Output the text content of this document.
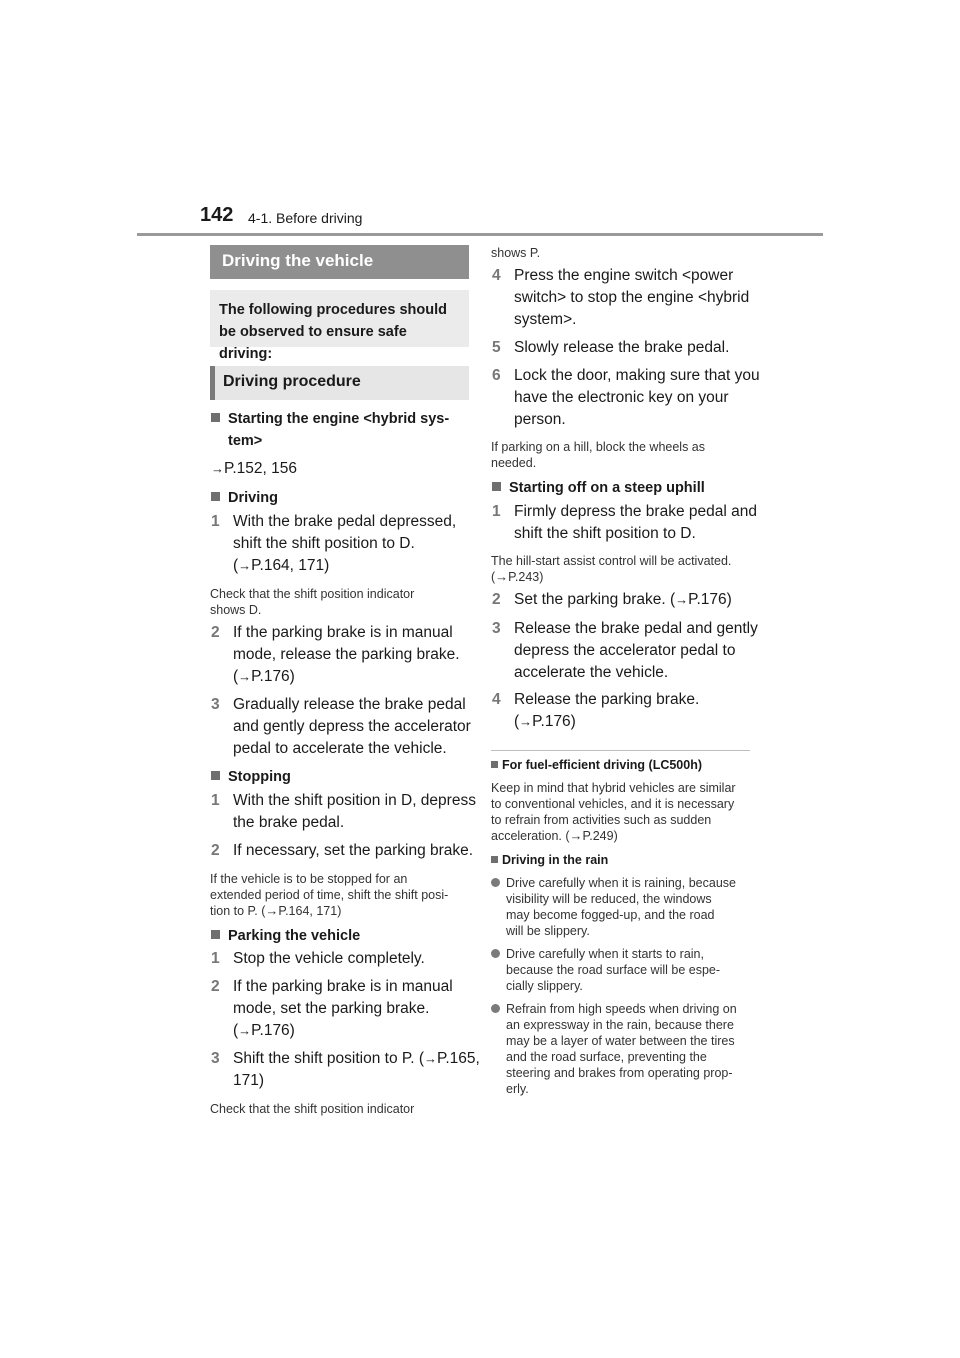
142 4-1. Before driving
Driving the vehicle
The following procedures should be observed to ensure safe driving:
Driving procedure
Starting the engine <hybrid sys-
tem>
→P.152, 156
Driving
1 With the brake pedal depressed,
shift the shift position to D.
(→P.164, 171)
Check that the shift position indicator
shows D.
2 If the parking brake is in manual
mode, release the parking brake.
(→P.176)
3 Gradually release the brake pedal
and gently depress the accelerator
pedal to accelerate the vehicle.
Stopping
1 With the shift position in D, depress
the brake pedal.
2 If necessary, set the parking brake.
If the vehicle is to be stopped for an
extended period of time, shift the shift posi-
tion to P. (→P.164, 171)
Parking the vehicle
1 Stop the vehicle completely.
2 If the parking brake is in manual
mode, set the parking brake.
(→P.176)
3 Shift the shift position to P. (→P.165,
171)
Check that the shift position indicator
shows P.
4 Press the engine switch <power
switch> to stop the engine <hybrid
system>.
5 Slowly release the brake pedal.
6 Lock the door, making sure that you
have the electronic key on your
person.
If parking on a hill, block the wheels as
needed.
Starting off on a steep uphill
1 Firmly depress the brake pedal and
shift the shift position to D.
The hill-start assist control will be activated.
(→P.243)
2 Set the parking brake. (→P.176)
3 Release the brake pedal and gently
depress the accelerator pedal to
accelerate the vehicle.
4 Release the parking brake.
(→P.176)
For fuel-efficient driving (LC500h)
Keep in mind that hybrid vehicles are similar
to conventional vehicles, and it is necessary
to refrain from activities such as sudden
acceleration. (→P.249)
Driving in the rain
Drive carefully when it is raining, because
visibility will be reduced, the windows
may become fogged-up, and the road
will be slippery.
Drive carefully when it starts to rain,
because the road surface will be espe-
cially slippery.
Refrain from high speeds when driving on
an expressway in the rain, because there
may be a layer of water between the tires
and the road surface, preventing the
steering and brakes from operating prop-
erly.
